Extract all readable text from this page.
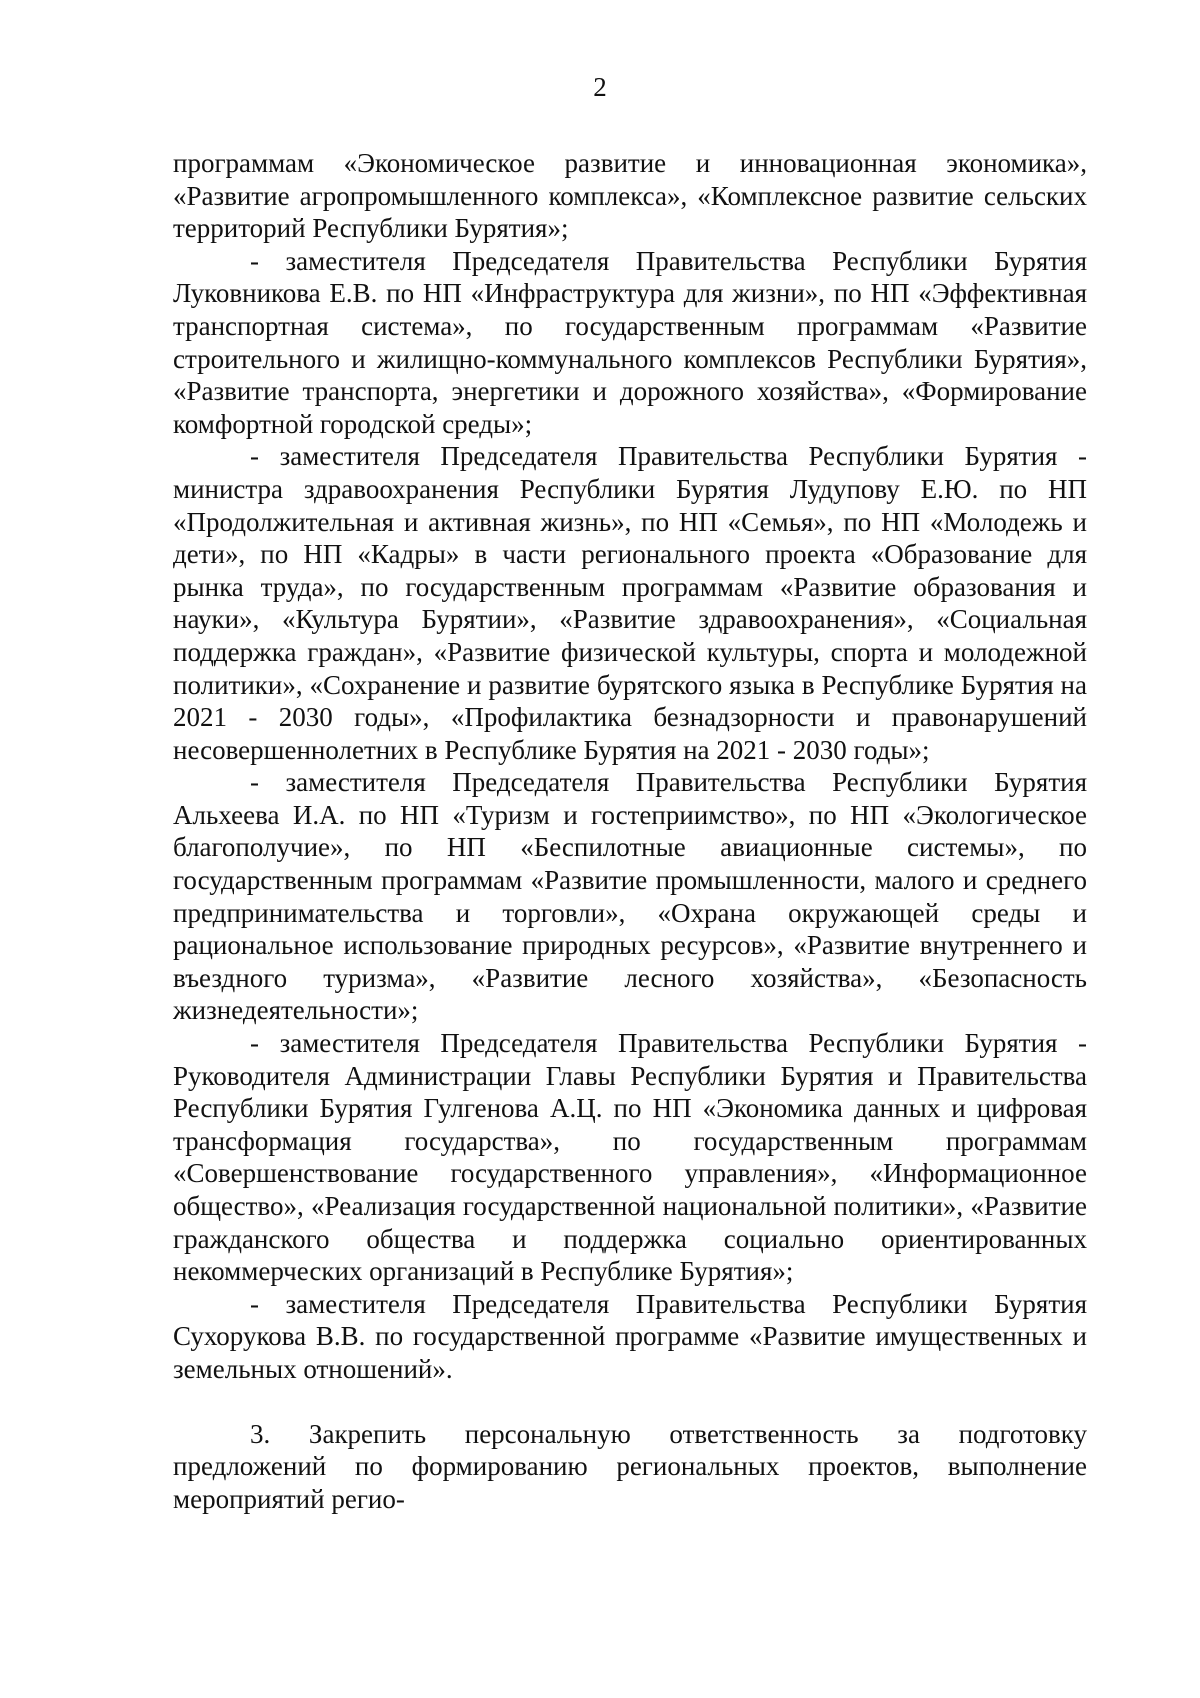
2

программам «Экономическое развитие и инновационная экономика», «Развитие агропромышленного комплекса», «Комплексное развитие сельских территорий Республики Бурятия»;

- заместителя Председателя Правительства Республики Бурятия Луковникова Е.В. по НП «Инфраструктура для жизни», по НП «Эффективная транспортная система», по государственным программам «Развитие строительного и жилищно-коммунального комплексов Республики Бурятия», «Развитие транспорта, энергетики и дорожного хозяйства», «Формирование комфортной городской среды»;

- заместителя Председателя Правительства Республики Бурятия - министра здравоохранения Республики Бурятия Лудупову Е.Ю. по НП «Продолжительная и активная жизнь», по НП «Семья», по НП «Молодежь и дети», по НП «Кадры» в части регионального проекта «Образование для рынка труда», по государственным программам «Развитие образования и науки», «Культура Бурятии», «Развитие здравоохранения», «Социальная поддержка граждан», «Развитие физической культуры, спорта и молодежной политики», «Сохранение и развитие бурятского языка в Республике Бурятия на 2021 - 2030 годы», «Профилактика безнадзорности и правонарушений несовершеннолетних в Республике Бурятия на 2021 - 2030 годы»;

- заместителя Председателя Правительства Республики Бурятия Альхеева И.А. по НП «Туризм и гостеприимство», по НП «Экологическое благополучие», по НП «Беспилотные авиационные системы», по государственным программам «Развитие промышленности, малого и среднего предпринимательства и торговли», «Охрана окружающей среды и рациональное использование природных ресурсов», «Развитие внутреннего и въездного туризма», «Развитие лесного хозяйства», «Безопасность жизнедеятельности»;

- заместителя Председателя Правительства Республики Бурятия - Руководителя Администрации Главы Республики Бурятия и Правительства Республики Бурятия Гулгенова А.Ц. по НП «Экономика данных и цифровая трансформация государства», по государственным программам «Совершенствование государственного управления», «Информационное общество», «Реализация государственной национальной политики», «Развитие гражданского общества и поддержка социально ориентированных некоммерческих организаций в Республике Бурятия»;

- заместителя Председателя Правительства Республики Бурятия Сухорукова В.В. по государственной программе «Развитие имущественных и земельных отношений».

3. Закрепить персональную ответственность за подготовку предложений по формированию региональных проектов, выполнение мероприятий регио-
